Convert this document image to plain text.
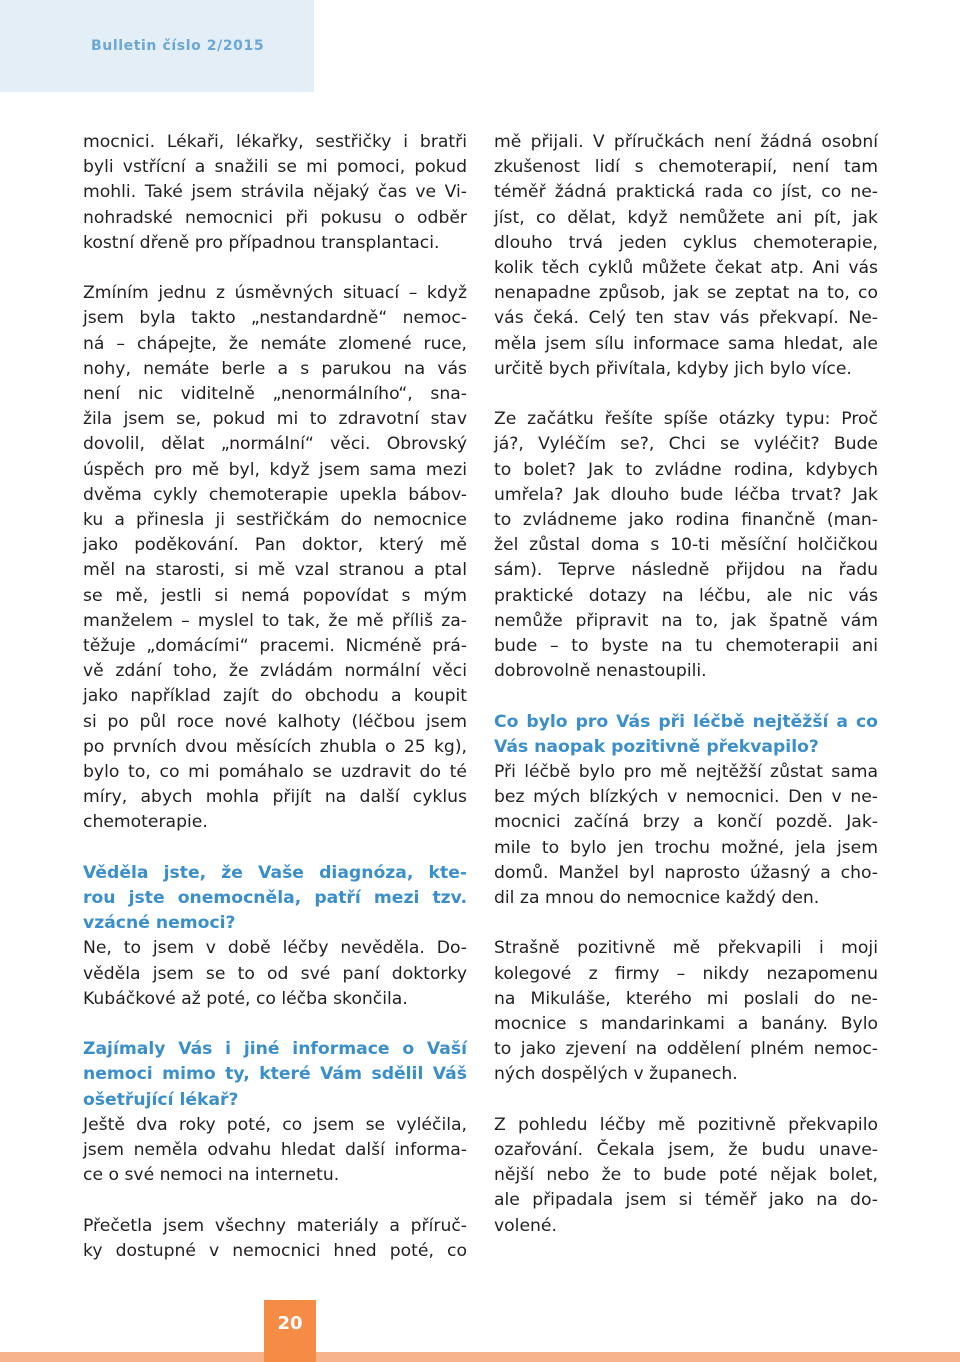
Bulletin číslo 2/2015
mocnici. Lékaři, lékařky, sestřičky i bratři
byli vstřícní a snažili se mi pomoci, pokud
mohli. Také jsem strávila nějaký čas ve Vi-
nohradské nemocnici při pokusu o odběr
kostní dřeně pro případnou transplantaci.
Zmíním jednu z úsměvných situací – když
jsem byla takto „nestandardně“ nemoc-
ná – chápejte, že nemáte zlomené ruce,
nohy, nemáte berle a s parukou na vás
není nic viditelně „nenormálního“, sna-
žila jsem se, pokud mi to zdravotní stav
dovolil, dělat „normální“ věci. Obrovský
úspěch pro mě byl, když jsem sama mezi
dvěma cykly chemoterapie upekla bábov-
ku a přinesla ji sestřičkám do nemocnice
jako poděkování. Pan doktor, který mě
měl na starosti, si mě vzal stranou a ptal
se mě, jestli si nemá popovídat s mým
manželem – myslel to tak, že mě příliš za-
těžuje „domácími“ pracemi. Nicméně prá-
vě zdání toho, že zvládám normální věci
jako například zajít do obchodu a koupit
si po půl roce nové kalhoty (léčbou jsem
po prvních dvou měsících zhubla o 25 kg),
bylo to, co mi pomáhalo se uzdravit do té
míry, abych mohla přijít na další cyklus
chemoterapie.
Věděla jste, že Vaše diagnóza, kte-
rou jste onemocněla, patří mezi tzv.
vzácné nemoci?
Ne, to jsem v době léčby nevěděla. Do-
věděla jsem se to od své paní doktorky
Kubáčkové až poté, co léčba skončila.
Zajímaly Vás i jiné informace o Vaší
nemoci mimo ty, které Vám sdělil Váš
ošetřující lékař?
Ještě dva roky poté, co jsem se vyléčila,
jsem neměla odvahu hledat další informa-
ce o své nemoci na internetu.
Přečetla jsem všechny materiály a příruč-
ky dostupné v nemocnici hned poté, co
mě přijali. V příručkách není žádná osobní
zkušenost lidí s chemoterapií, není tam
téměř žádná praktická rada co jíst, co ne-
jíst, co dělat, když nemůžete ani pít, jak
dlouho trvá jeden cyklus chemoterapie,
kolik těch cyklů můžete čekat atp. Ani vás
nenapadne způsob, jak se zeptat na to, co
vás čeká. Celý ten stav vás překvapí. Ne-
měla jsem sílu informace sama hledat, ale
určitě bych přivítala, kdyby jich bylo více.
Ze začátku řešíte spíše otázky typu: Proč
já?, Vyléčím se?, Chci se vyléčit? Bude
to bolet? Jak to zvládne rodina, kdybych
umřela? Jak dlouho bude léčba trvat? Jak
to zvládneme jako rodina finančně (man-
žel zůstal doma s 10-ti měsíční holčičkou
sám). Teprve následně přijdou na řadu
praktické dotazy na léčbu, ale nic vás
nemůže připravit na to, jak špatně vám
bude – to byste na tu chemoterapii ani
dobrovolně nenastoupili.
Co bylo pro Vás při léčbě nejtěžší a co
Vás naopak pozitivně překvapilo?
Při léčbě bylo pro mě nejtěžší zůstat sama
bez mých blízkých v nemocnici. Den v ne-
mocnici začíná brzy a končí pozdě. Jak-
mile to bylo jen trochu možné, jela jsem
domů. Manžel byl naprosto úžasný a cho-
dil za mnou do nemocnice každý den.
Strašně pozitivně mě překvapili i moji
kolegové z firmy – nikdy nezapomenu
na Mikuláše, kterého mi poslali do ne-
mocnice s mandarinkami a banány. Bylo
to jako zjevení na oddělení plném nemoc-
ných dospělých v županech.
Z pohledu léčby mě pozitivně překvapilo
ozařování. Čekala jsem, že budu unave-
nější nebo že to bude poté nějak bolet,
ale připadala jsem si téměř jako na do-
volené.
20
